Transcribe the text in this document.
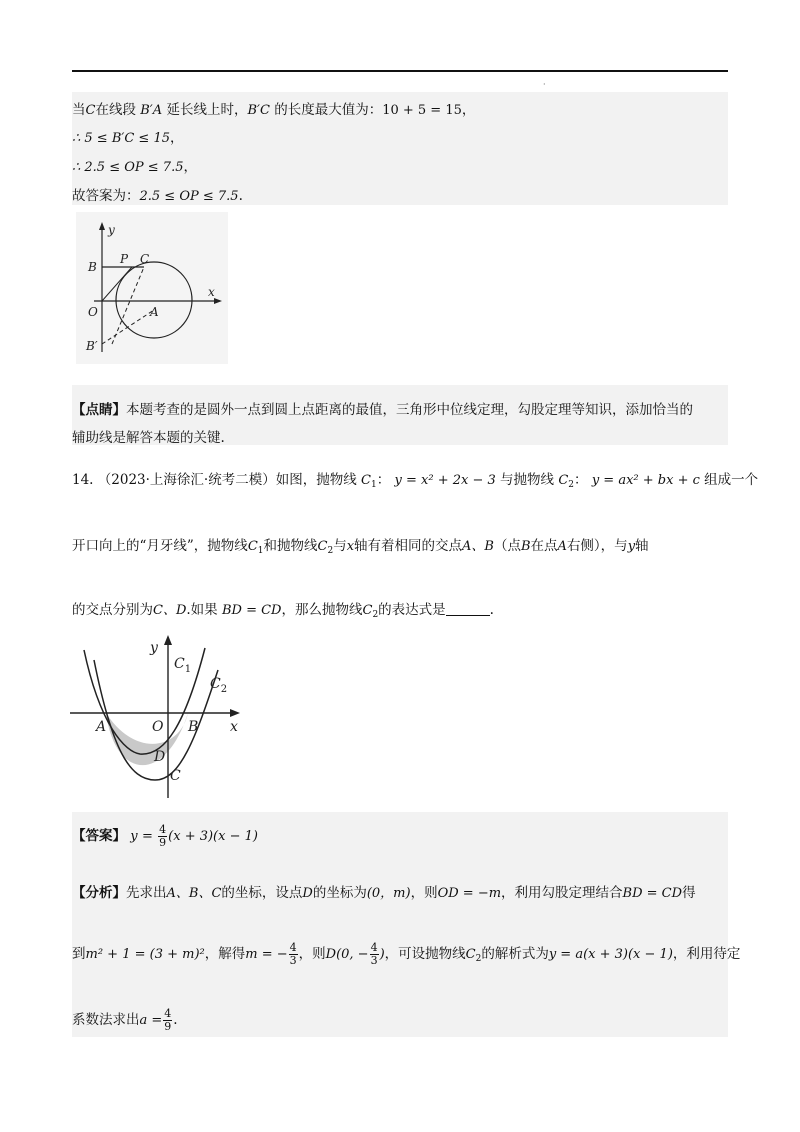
·
当C在线段 B′A 延长线上时，B′C 的长度最大值为：10 + 5 = 15，
∴ 5 ≤ B′C ≤ 15，
∴ 2.5 ≤ OP ≤ 7.5，
故答案为：2.5 ≤ OP ≤ 7.5.
y
B
P C
x
O	A
B′
【点睛】本题考查的是圆外一点到圆上点距离的最值，三角形中位线定理，勾股定理等知识，添加恰当的
辅助线是解答本题的关键.
14. （2023·上海徐汇·统考二模）如图，抛物线 $C_1$： y = x² + 2x − 3 与抛物线 $C_2$： y = ax² + bx + c 组成一个
开口向上的“月牙线”，抛物线$C_1$和抛物线$C_2$与x轴有着相同的交点A、B（点B在点A右侧），与y轴
的交点分别为C、D.如果 BD = CD，那么抛物线$C_2$的表达式是	.
y
$C_1$
$C_2$
A	O B x
D
C
【答案】 $y = \frac{4}{9} (x + 3)(x - 1)$
【分析】先求出A、B、C的坐标，设点D的坐标为(0，m)，则OD = −m，利用勾股定理结合BD = CD得
到m² + 1 = (3 + m)²，解得m = − $\frac{4}{3}$ ，则D(0, − $\frac{4}{3}$ )，可设抛物线$C_2$的解析式为y = a(x + 3)(x − 1)，利用待定
系数法求出$a = \frac{4}{9}$ .
